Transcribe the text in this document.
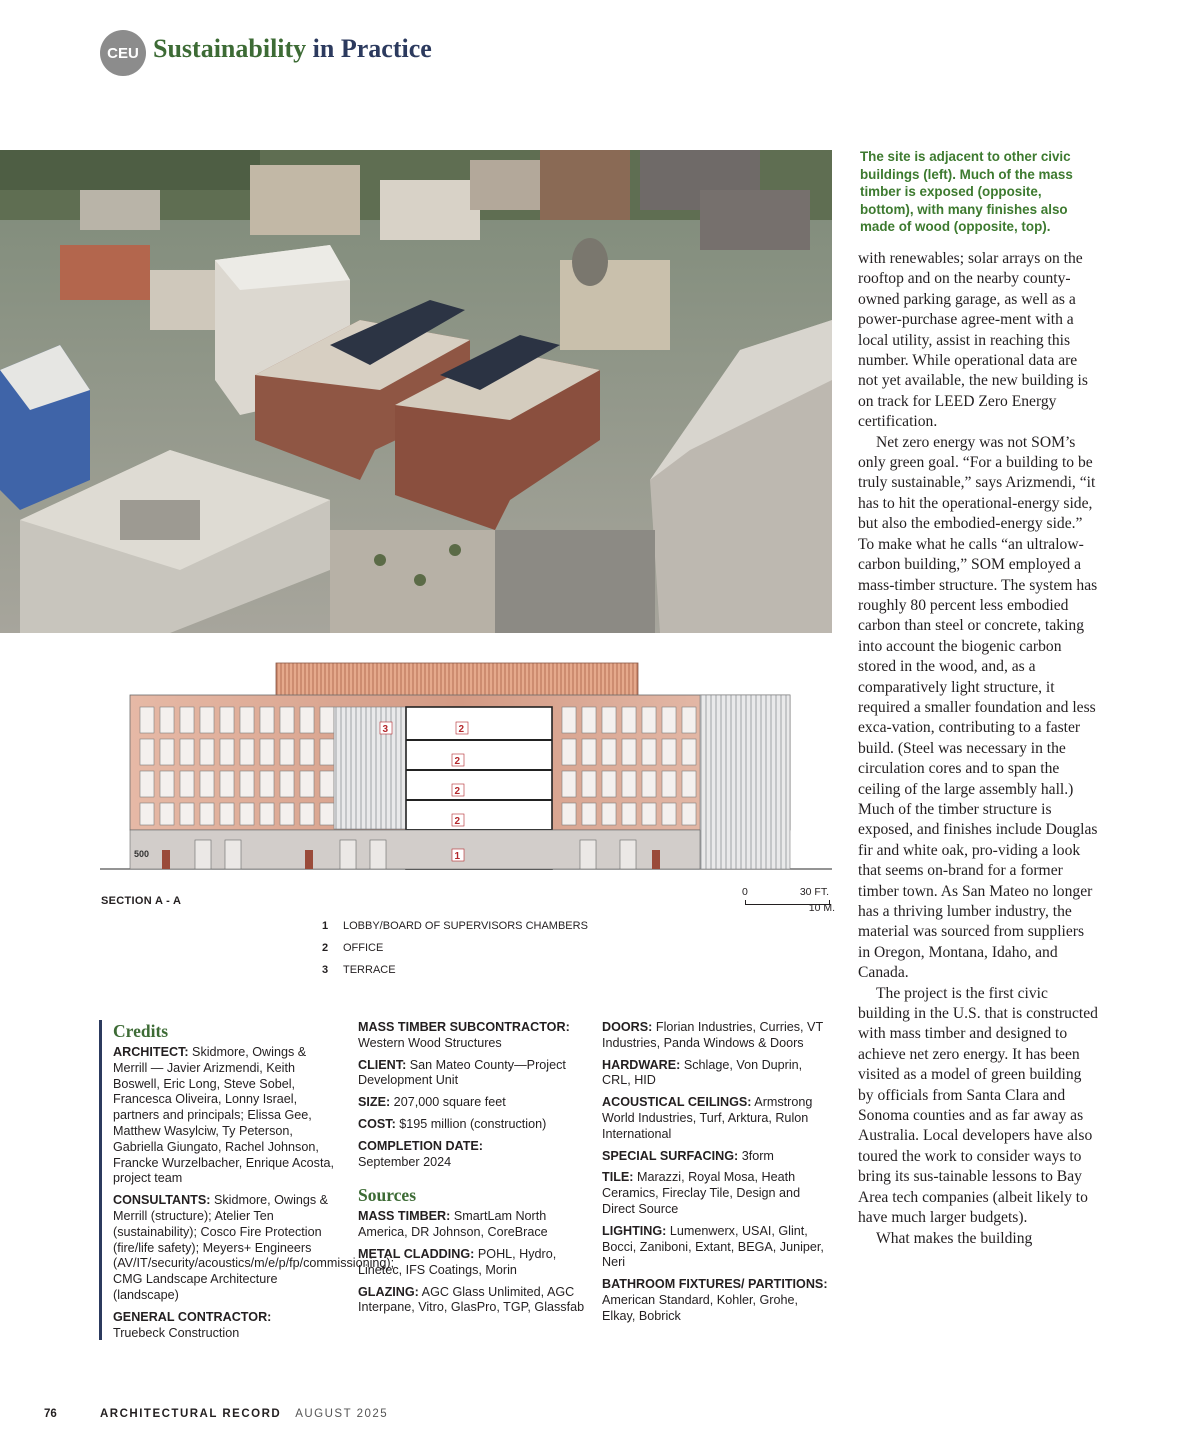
CEU Sustainability in Practice
The site is adjacent to other civic buildings (left). Much of the mass timber is exposed (opposite, bottom), with many finishes also made of wood (opposite, top).

with renewables; solar arrays on the rooftop and on the nearby county-owned parking garage, as well as a power-purchase agree-ment with a local utility, assist in reaching this number. While operational data are not yet available, the new building is on track for LEED Zero Energy certification.

Net zero energy was not SOM’s only green goal. “For a building to be truly sustainable,” says Arizmendi, “it has to hit the operational-energy side, but also the embodied-energy side.” To make what he calls “an ultralow-carbon building,” SOM employed a mass-timber structure. The system has roughly 80 percent less embodied carbon than steel or concrete, taking into account the biogenic carbon stored in the wood, and, as a comparatively light structure, it required a smaller foundation and less exca-vation, contributing to a faster build. (Steel was necessary in the circulation cores and to span the ceiling of the large assembly hall.) Much of the timber structure is exposed, and finishes include Douglas fir and white oak, pro-viding a look that seems on-brand for a former timber town. As San Mateo no longer has a thriving lumber industry, the material was sourced from suppliers in Oregon, Montana, Idaho, and Canada.

The project is the first civic building in the U.S. that is constructed with mass timber and designed to achieve net zero energy. It has been visited as a model of green building by officials from Santa Clara and Sonoma counties and as far away as Australia. Local developers have also toured the work to consider ways to bring its sus-tainable lessons to Bay Area tech companies (albeit likely to have much larger budgets).

What makes the building

500	1
2
2
2
2
3
SECTION A - A
0	30 FT.
10 M.
1	LOBBY/BOARD OF SUPERVISORS CHAMBERS
2	OFFICE
3	TERRACE
Credits
ARCHITECT: Skidmore, Owings & Merrill — Javier Arizmendi, Keith Boswell, Eric Long, Steve Sobel, Francesca Oliveira, Lonny Israel, partners and principals; Elissa Gee, Matthew Wasylciw, Ty Peterson, Gabriella Giungato, Rachel Johnson, Francke Wurzelbacher, Enrique Acosta, project team
CONSULTANTS: Skidmore, Owings & Merrill (structure); Atelier Ten (sustainability); Cosco Fire Protection (fire/life safety); Meyers+ Engineers (AV/IT/security/acoustics/m/e/p/fp/commissioning); CMG Landscape Architecture (landscape)
GENERAL CONTRACTOR:
Truebeck Construction
MASS TIMBER SUBCONTRACTOR:
Western Wood Structures
CLIENT: San Mateo County—Project Development Unit
SIZE: 207,000 square feet
COST: $195 million (construction)
COMPLETION DATE:
September 2024
Sources
MASS TIMBER: SmartLam North America, DR Johnson, CoreBrace
METAL CLADDING: POHL, Hydro, Linetec, IFS Coatings, Morin
GLAZING: AGC Glass Unlimited, AGC Interpane, Vitro, GlasPro, TGP, Glassfab
DOORS: Florian Industries, Curries, VT Industries, Panda Windows & Doors
HARDWARE: Schlage, Von Duprin, CRL, HID
ACOUSTICAL CEILINGS: Armstrong World Industries, Turf, Arktura, Rulon International
SPECIAL SURFACING: 3form
TILE: Marazzi, Royal Mosa, Heath Ceramics, Fireclay Tile, Design and Direct Source
LIGHTING: Lumenwerx, USAI, Glint, Bocci, Zaniboni, Extant, BEGA, Juniper, Neri
BATHROOM FIXTURES/ PARTITIONS: American Standard, Kohler, Grohe, Elkay, Bobrick
76	ARCHITECTURAL RECORD AUGUST 2025
